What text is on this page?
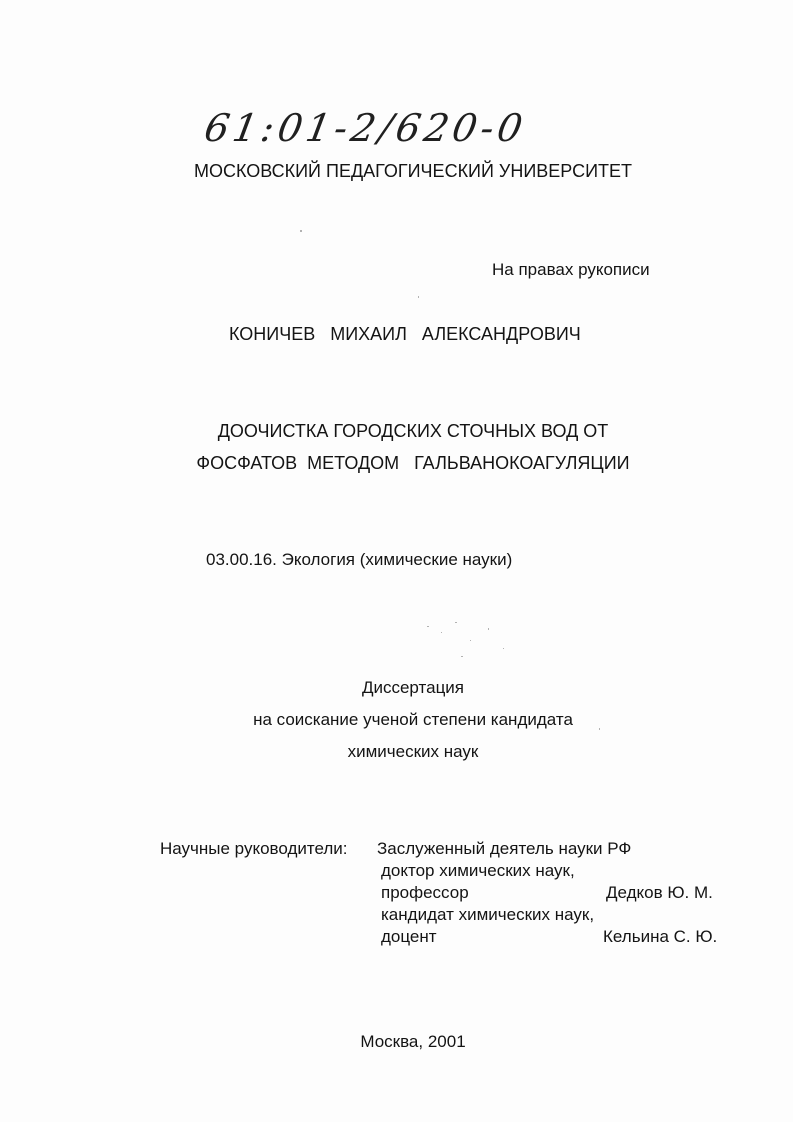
61:01-2/620-0
МОСКОВСКИЙ ПЕДАГОГИЧЕСКИЙ УНИВЕРСИТЕТ
На правах рукописи
КОНИЧЕВ   МИХАИЛ   АЛЕКСАНДРОВИЧ
ДООЧИСТКА ГОРОДСКИХ СТОЧНЫХ ВОД ОТ
ФОСФАТОВ  МЕТОДОМ   ГАЛЬВАНОКОАГУЛЯЦИИ
03.00.16. Экология (химические науки)
Диссертация
на соискание ученой степени кандидата
химических наук
Научные руководители: Заслуженный деятель науки РФ
доктор химических наук,
профессор	Дедков Ю. М.
кандидат химических наук,
доцент	Кельина С. Ю.
Москва, 2001
